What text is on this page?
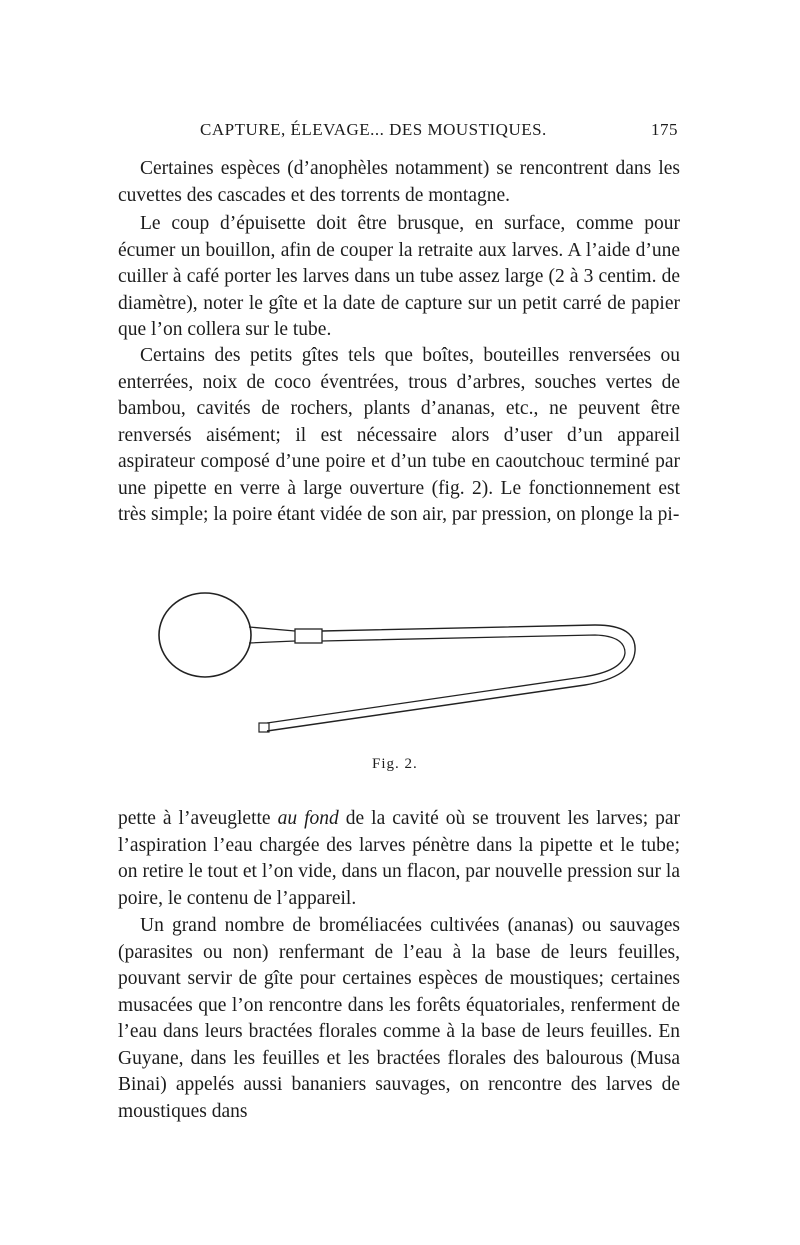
CAPTURE, ÉLEVAGE... DES MOUSTIQUES.	175

Certaines espèces (d’anophèles notamment) se rencontrent dans les cuvettes des cascades et des torrents de montagne.

Le coup d’épuisette doit être brusque, en surface, comme pour écumer un bouillon, afin de couper la retraite aux larves. A l’aide d’une cuiller à café porter les larves dans un tube assez large (2 à 3 centim. de diamètre), noter le gîte et la date de capture sur un petit carré de papier que l’on collera sur le tube.

Certains des petits gîtes tels que boîtes, bouteilles renversées ou enterrées, noix de coco éventrées, trous d’arbres, souches vertes de bambou, cavités de rochers, plants d’ananas, etc., ne peuvent être renversés aisément; il est nécessaire alors d’user d’un appareil aspirateur composé d’une poire et d’un tube en caoutchouc terminé par une pipette en verre à large ouverture (fig. 2). Le fonctionnement est très simple; la poire étant vidée de son air, par pression, on plonge la pi-

Fig. 2.

pette à l’aveuglette au fond de la cavité où se trouvent les larves; par l’aspiration l’eau chargée des larves pénètre dans la pipette et le tube; on retire le tout et l’on vide, dans un flacon, par nouvelle pression sur la poire, le contenu de l’appareil.

Un grand nombre de broméliacées cultivées (ananas) ou sauvages (parasites ou non) renfermant de l’eau à la base de leurs feuilles, pouvant servir de gîte pour certaines espèces de moustiques; certaines musacées que l’on rencontre dans les forêts équatoriales, renferment de l’eau dans leurs bractées florales comme à la base de leurs feuilles. En Guyane, dans les feuilles et les bractées florales des balourous (Musa Binai) appelés aussi bananiers sauvages, on rencontre des larves de moustiques dans
